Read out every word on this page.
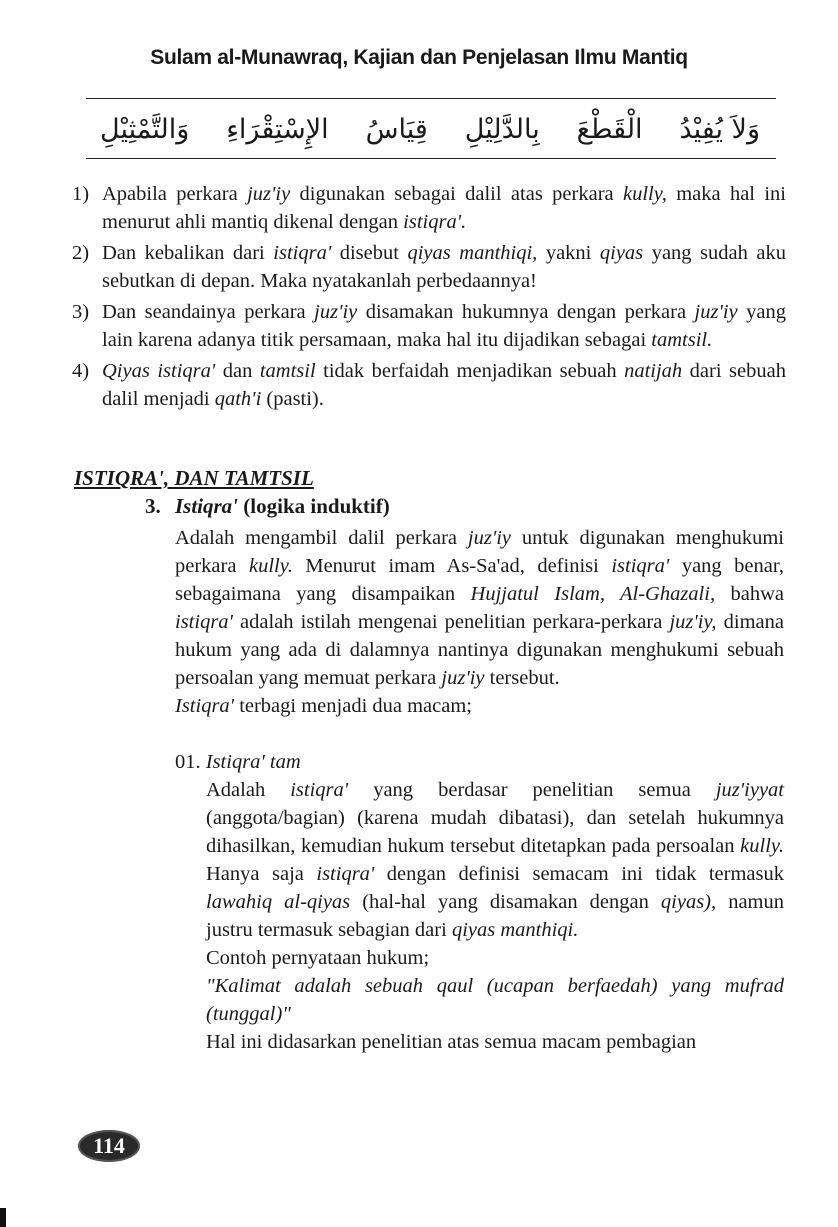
Sulam al-Munawraq, Kajian dan Penjelasan Ilmu Mantiq
وَلاَ يُفِيْدُ
الْقَطْعَ
بِالدَّلِيْلِ
قِيَاسُ
الإِسْتِقْرَاءِ
وَالتَّمْثِيْلِ
1) Apabila perkara juz'iy digunakan sebagai dalil atas perkara kully, maka hal ini menurut ahli mantiq dikenal dengan istiqra'.
2) Dan kebalikan dari istiqra' disebut qiyas manthiqi, yakni qiyas yang sudah aku sebutkan di depan. Maka nyatakanlah perbedaannya!
3) Dan seandainya perkara juz'iy disamakan hukumnya dengan perkara juz'iy yang lain karena adanya titik persamaan, maka hal itu dijadikan sebagai tamtsil.
4) Qiyas istiqra' dan tamtsil tidak berfaidah menjadikan sebuah natijah dari sebuah dalil menjadi qath'i (pasti).
ISTIQRA', DAN TAMTSIL
3. Istiqra' (logika induktif)

Adalah mengambil dalil perkara juz'iy untuk digunakan menghukumi perkara kully. Menurut imam As-Sa'ad, definisi istiqra' yang benar, sebagaimana yang disampaikan Hujjatul Islam, Al-Ghazali, bahwa istiqra' adalah istilah mengenai penelitian perkara-perkara juz'iy, dimana hukum yang ada di dalamnya nantinya digunakan menghukumi sebuah persoalan yang memuat perkara juz'iy tersebut.

Istiqra' terbagi menjadi dua macam;

01. Istiqra' tam

Adalah istiqra' yang berdasar penelitian semua juz'iyyat (anggota/bagian) (karena mudah dibatasi), dan setelah hukumnya dihasilkan, kemudian hukum tersebut ditetapkan pada persoalan kully. Hanya saja istiqra' dengan definisi semacam ini tidak termasuk lawahiq al-qiyas (hal-hal yang disamakan dengan qiyas), namun justru termasuk sebagian dari qiyas manthiqi.

Contoh pernyataan hukum;

"Kalimat adalah sebuah qaul (ucapan berfaedah) yang mufrad (tunggal)"

Hal ini didasarkan penelitian atas semua macam pembagian

114
